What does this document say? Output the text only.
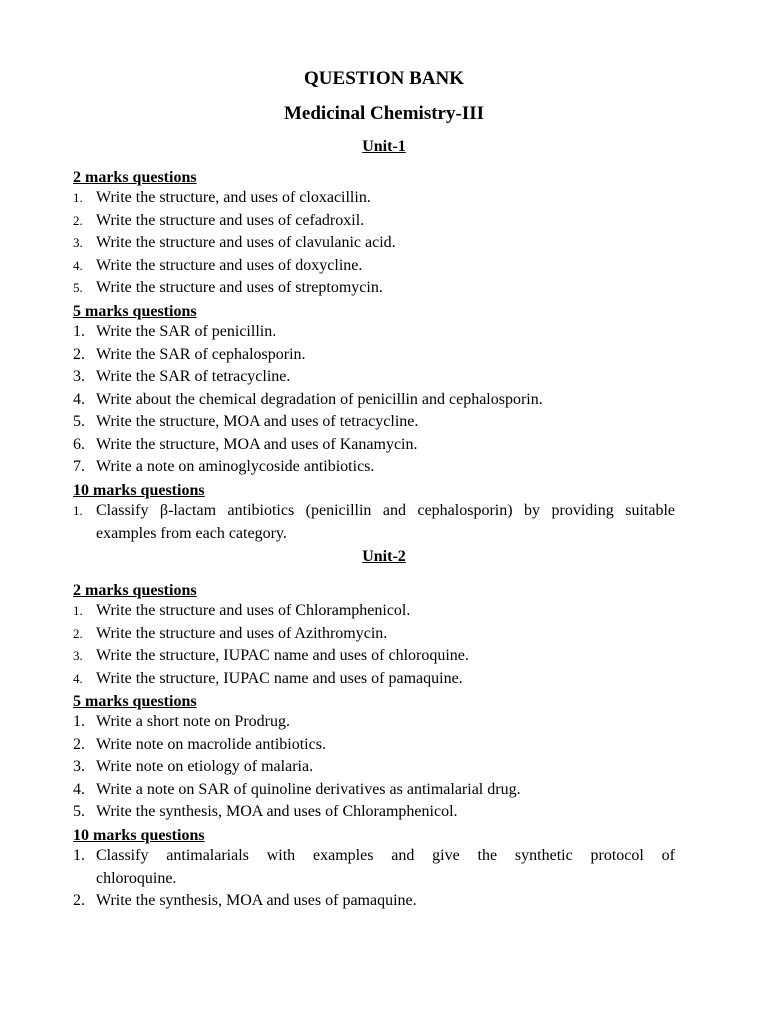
QUESTION BANK
Medicinal Chemistry-III
Unit-1
2 marks questions
1. Write the structure, and uses of cloxacillin.
2. Write the structure and uses of cefadroxil.
3. Write the structure and uses of clavulanic acid.
4. Write the structure and uses of doxycline.
5. Write the structure and uses of streptomycin.
5 marks questions
1. Write the SAR of penicillin.
2. Write the SAR of cephalosporin.
3. Write the SAR of tetracycline.
4. Write about the chemical degradation of penicillin and cephalosporin.
5. Write the structure, MOA and uses of tetracycline.
6. Write the structure, MOA and uses of Kanamycin.
7. Write a note on aminoglycoside antibiotics.
10 marks questions
1. Classify β-lactam antibiotics (penicillin and cephalosporin) by providing suitable
examples from each category.
Unit-2
2 marks questions
1. Write the structure and uses of Chloramphenicol.
2. Write the structure and uses of Azithromycin.
3. Write the structure, IUPAC name and uses of chloroquine.
4. Write the structure, IUPAC name and uses of pamaquine.
5 marks questions
1. Write a short note on Prodrug.
2. Write note on macrolide antibiotics.
3. Write note on etiology of malaria.
4. Write a note on SAR of quinoline derivatives as antimalarial drug.
5. Write the synthesis, MOA and uses of Chloramphenicol.
10 marks questions
1. Classify antimalarials with examples and give the synthetic protocol of
chloroquine.
2. Write the synthesis, MOA and uses of pamaquine.
